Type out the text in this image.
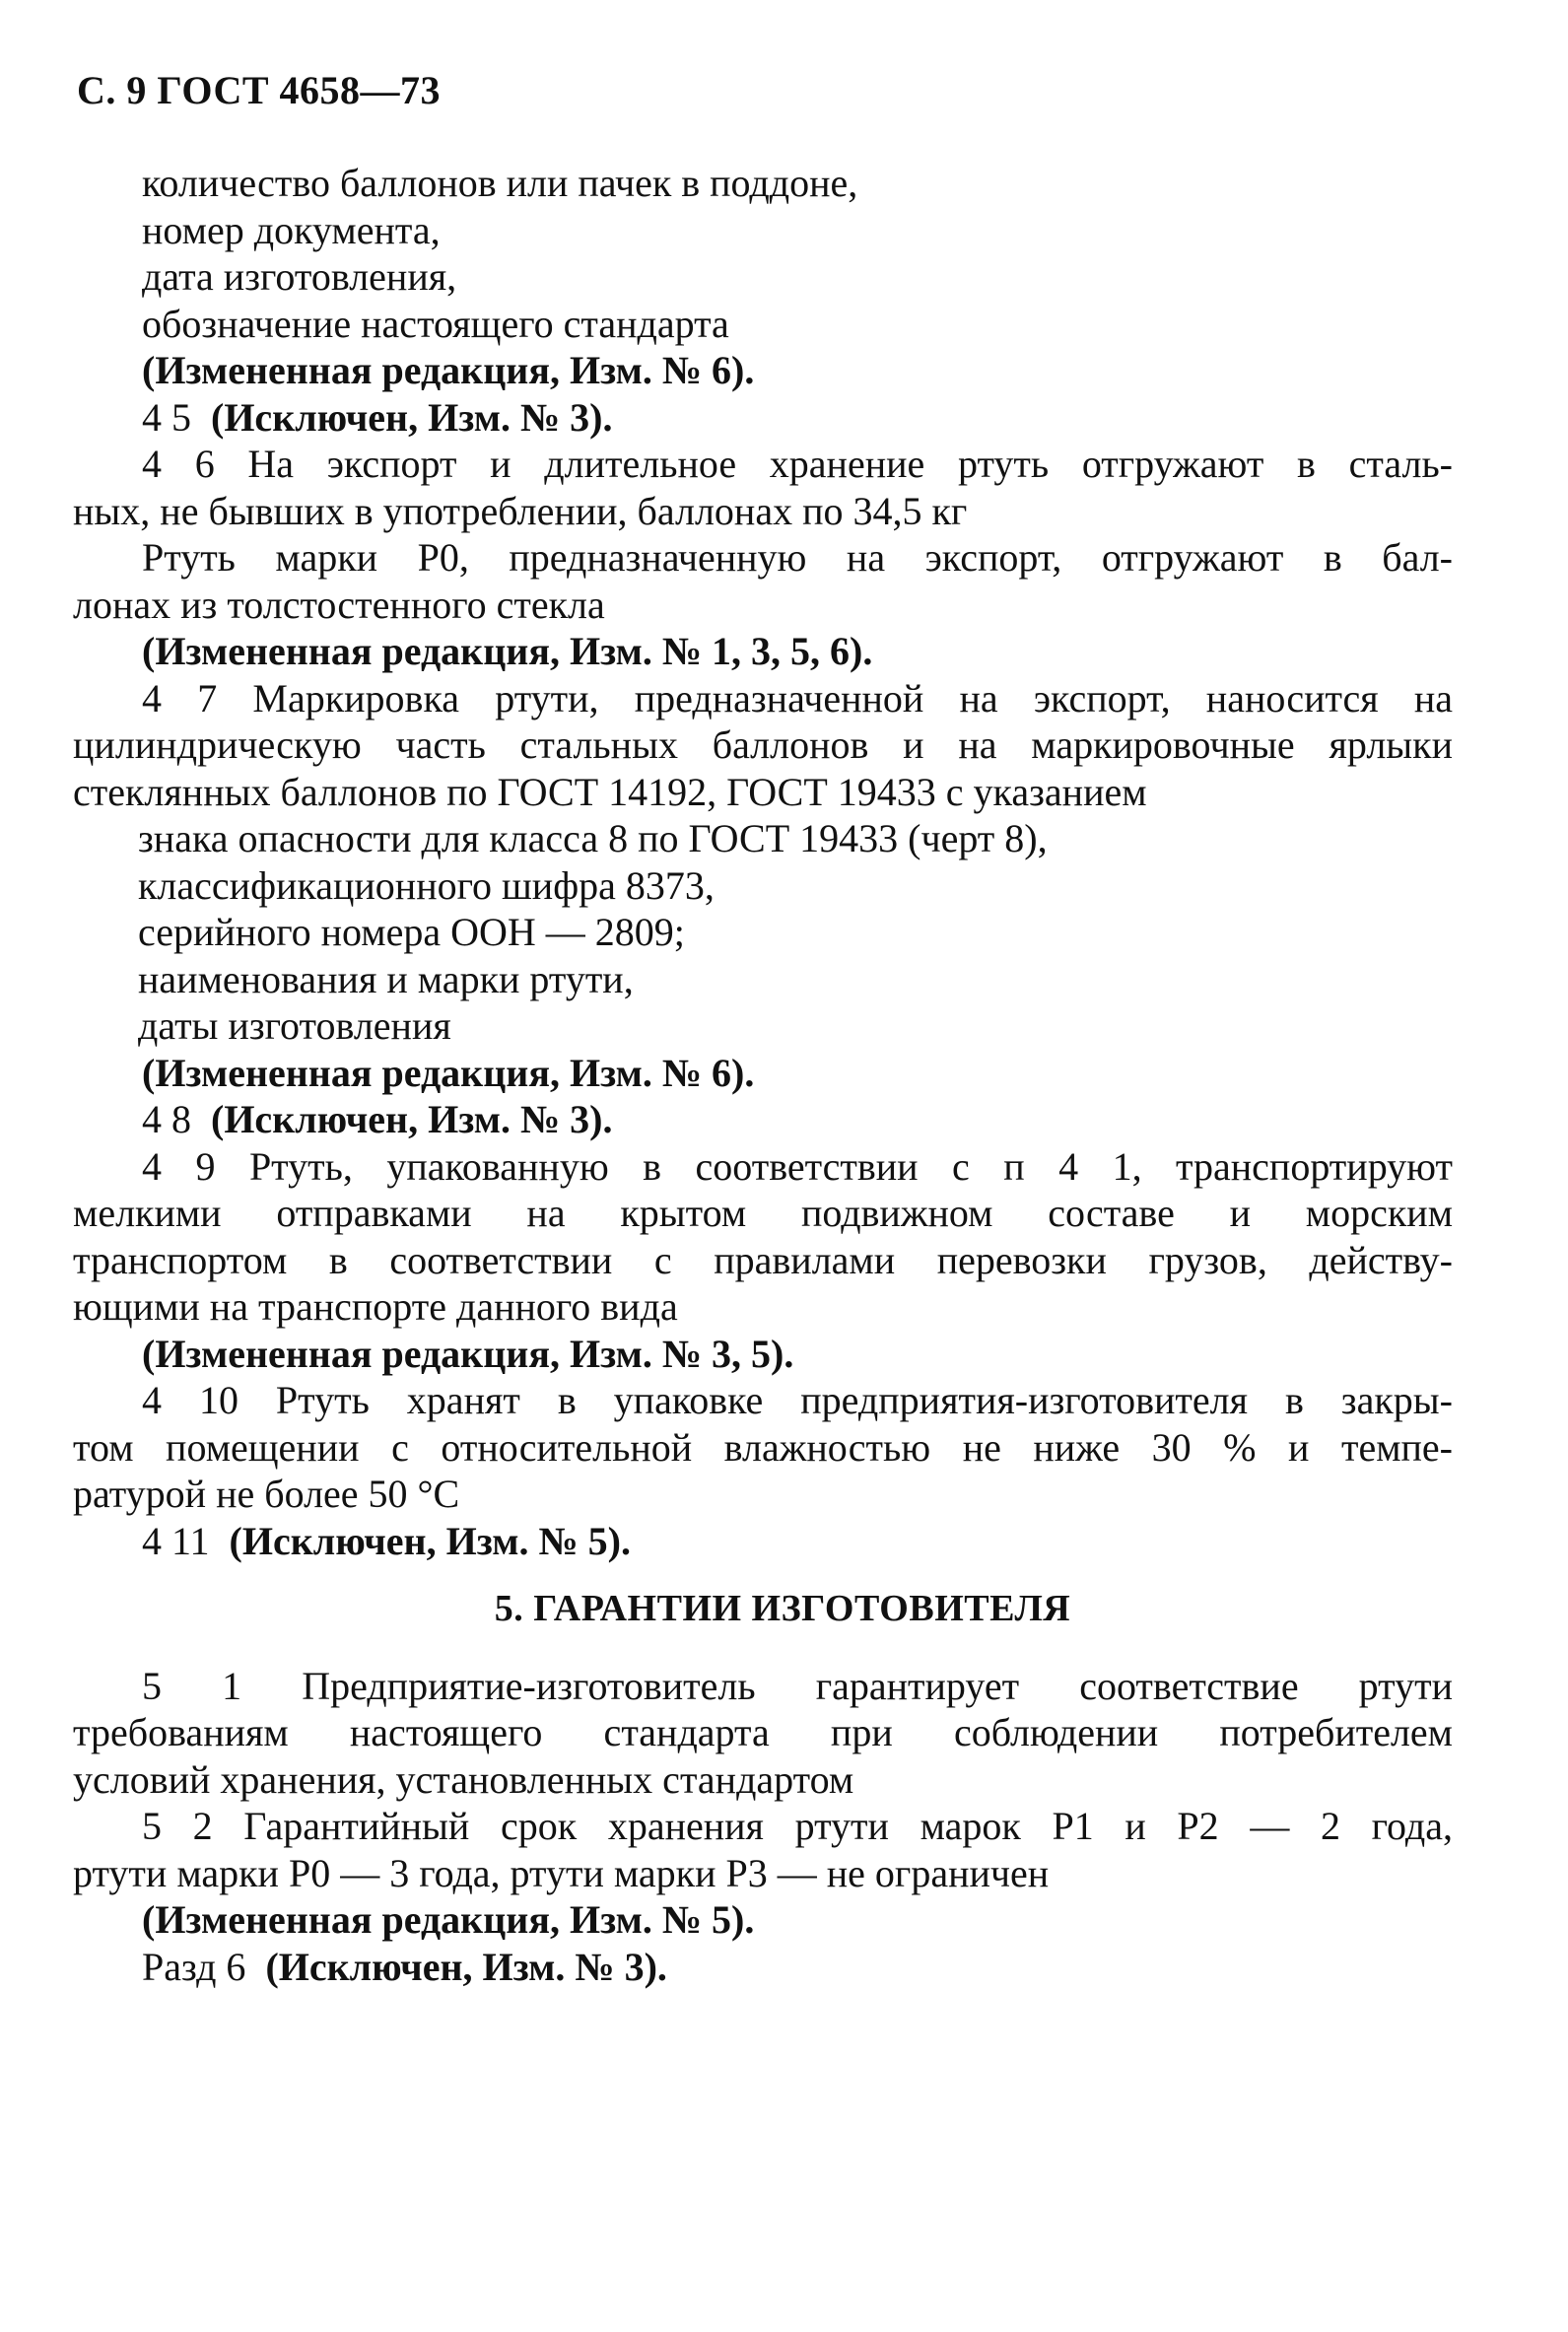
С. 9 ГОСТ 4658—73
количество баллонов или пачек в поддоне,
номер документа,
дата изготовления,
обозначение настоящего стандарта
(Измененная редакция, Изм. № 6).
4 5 (Исключен, Изм. № 3).
4 6 На экспорт и длительное хранение ртуть отгружают в сталь-
ных, не бывших в употреблении, баллонах по 34,5 кг
Ртуть марки Р0, предназначенную на экспорт, отгружают в бал-
лонах из толстостенного стекла
(Измененная редакция, Изм. № 1, 3, 5, 6).
4 7 Маркировка ртути, предназначенной на экспорт, наносится на
цилиндрическую часть стальных баллонов и на маркировочные ярлыки
стеклянных баллонов по ГОСТ 14192, ГОСТ 19433 с указанием
знака опасности для класса 8 по ГОСТ 19433 (черт 8),
классификационного шифра 8373,
серийного номера ООН — 2809;
наименования и марки ртути,
даты изготовления
(Измененная редакция, Изм. № 6).
4 8 (Исключен, Изм. № 3).
4 9 Ртуть, упакованную в соответствии с п 4 1, транспортируют
мелкими отправками на крытом подвижном составе и морским
транспортом в соответствии с правилами перевозки грузов, действу-
ющими на транспорте данного вида
(Измененная редакция, Изм. № 3, 5).
4 10 Ртуть хранят в упаковке предприятия-изготовителя в закры-
том помещении с относительной влажностью не ниже 30 % и темпе-
ратурой не более 50 °С
4 11 (Исключен, Изм. № 5).
5. ГАРАНТИИ ИЗГОТОВИТЕЛЯ
5 1 Предприятие-изготовитель гарантирует соответствие ртути
требованиям настоящего стандарта при соблюдении потребителем
условий хранения, установленных стандартом
5 2 Гарантийный срок хранения ртути марок Р1 и Р2 — 2 года,
ртути марки Р0 — 3 года, ртути марки Р3 — не ограничен
(Измененная редакция, Изм. № 5).
Разд 6 (Исключен, Изм. № 3).
